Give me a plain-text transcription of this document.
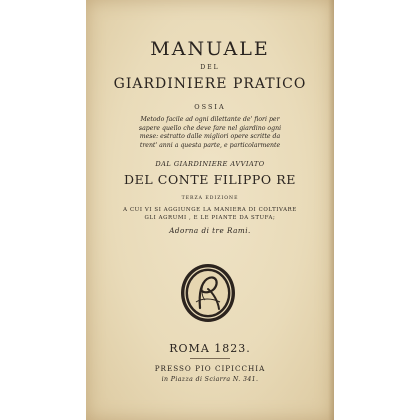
MANUALE
DEL
GIARDINIERE PRATICO
OSSIA
Metodo facile ad ogni dilettante de' fiori per
sapere quello che deve fare nel giardino ogni
mese: estratto dalle migliori opere scritte da
trent' anni a questa parte, e particolarmente
DAL GIARDINIERE AVVIATO
DEL CONTE FILIPPO RE
TERZA EDIZIONE
A CUI VI SI AGGIUNGE LA MANIERA DI COLTIVARE
GLI AGRUMI , E LE PIANTE DA STUFA;
Adorna di tre Rami.
ROMA 1823.
PRESSO PIO CIPICCHIA
in Piazza di Sciarra N. 341.
